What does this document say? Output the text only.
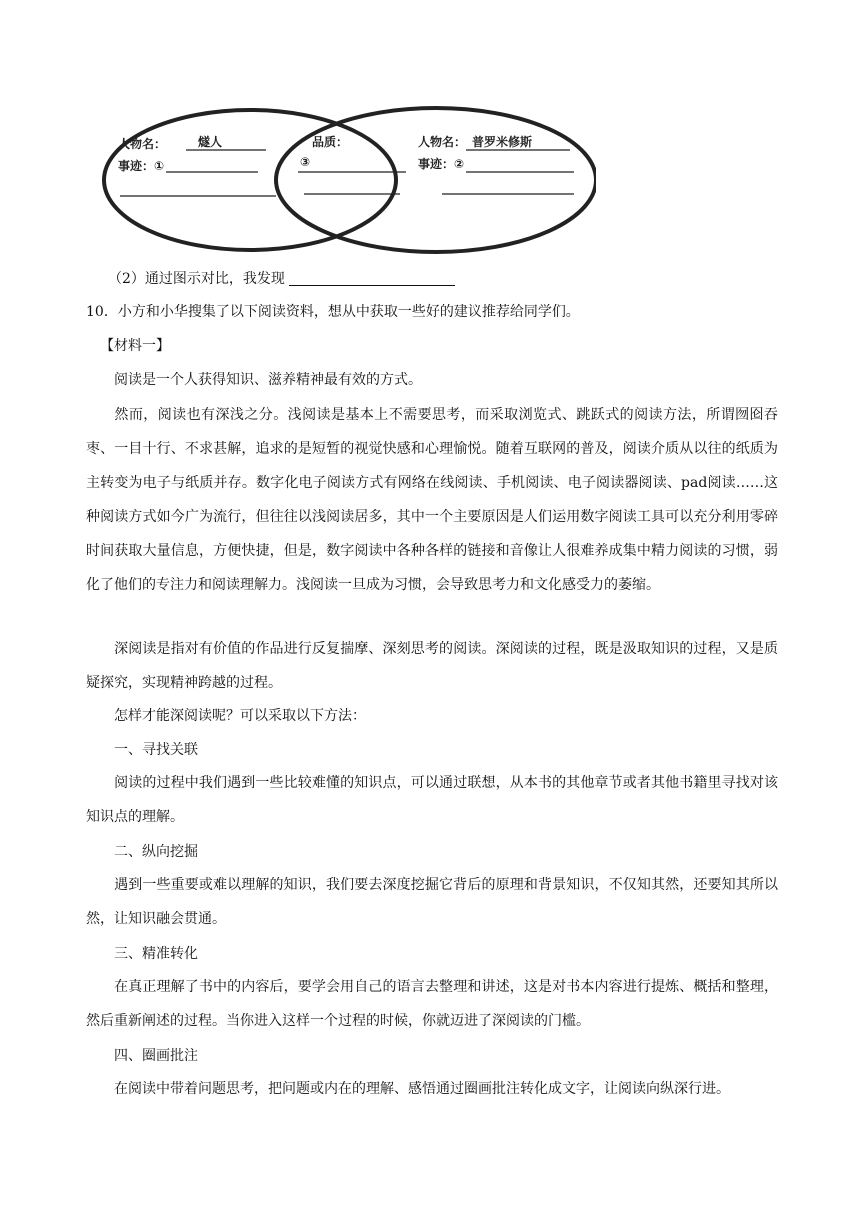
人物名：	燧人
事迹：①
品质：
③
人物名： 普罗米修斯
事迹：②
（2）通过图示对比，我发现
10．小方和小华搜集了以下阅读资料，想从中获取一些好的建议推荐给同学们。
【材料一】
阅读是一个人获得知识、滋养精神最有效的方式。
然而，阅读也有深浅之分。浅阅读是基本上不需要思考，而采取浏览式、跳跃式的阅读方法，所谓囫囵吞枣、一目十行、不求甚解，追求的是短暂的视觉快感和心理愉悦。随着互联网的普及，阅读介质从以往的纸质为主转变为电子与纸质并存。数字化电子阅读方式有网络在线阅读、手机阅读、电子阅读器阅读、pad阅读……这种阅读方式如今广为流行，但往往以浅阅读居多，其中一个主要原因是人们运用数字阅读工具可以充分利用零碎时间获取大量信息，方便快捷，但是，数字阅读中各种各样的链接和音像让人很难养成集中精力阅读的习惯，弱化了他们的专注力和阅读理解力。浅阅读一旦成为习惯，会导致思考力和文化感受力的萎缩。
深阅读是指对有价值的作品进行反复揣摩、深刻思考的阅读。深阅读的过程，既是汲取知识的过程，又是质疑探究，实现精神跨越的过程。
怎样才能深阅读呢？可以采取以下方法：
一、寻找关联
阅读的过程中我们遇到一些比较难懂的知识点，可以通过联想，从本书的其他章节或者其他书籍里寻找对该知识点的理解。
二、纵向挖掘
遇到一些重要或难以理解的知识，我们要去深度挖掘它背后的原理和背景知识，不仅知其然，还要知其所以然，让知识融会贯通。
三、精准转化
在真正理解了书中的内容后，要学会用自己的语言去整理和讲述，这是对书本内容进行提炼、概括和整理，然后重新阐述的过程。当你进入这样一个过程的时候，你就迈进了深阅读的门槛。
四、圈画批注
在阅读中带着问题思考，把问题或内在的理解、感悟通过圈画批注转化成文字，让阅读向纵深行进。
